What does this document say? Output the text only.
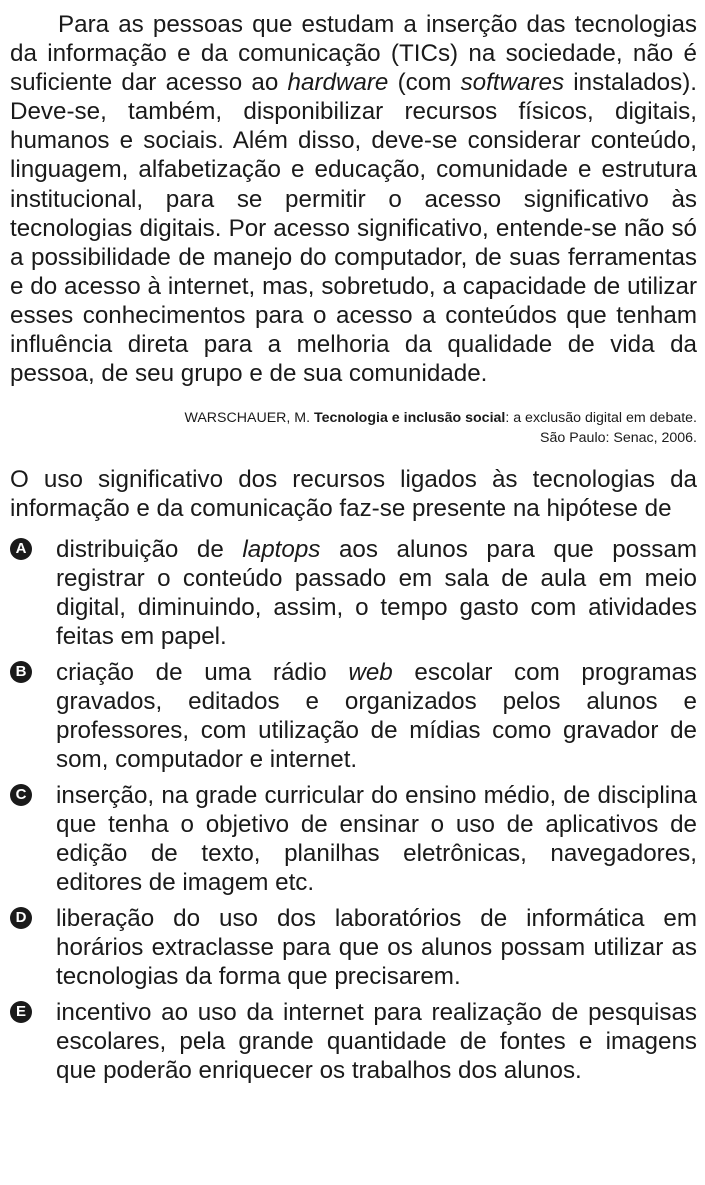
Para as pessoas que estudam a inserção das tecnologias da informação e da comunicação (TICs) na sociedade, não é suficiente dar acesso ao hardware (com softwares instalados). Deve-se, também, disponibilizar recursos físicos, digitais, humanos e sociais. Além disso, deve-se considerar conteúdo, linguagem, alfabetização e educação, comunidade e estrutura institucional, para se permitir o acesso significativo às tecnologias digitais. Por acesso significativo, entende-se não só a possibilidade de manejo do computador, de suas ferramentas e do acesso à internet, mas, sobretudo, a capacidade de utilizar esses conhecimentos para o acesso a conteúdos que tenham influência direta para a melhoria da qualidade de vida da pessoa, de seu grupo e de sua comunidade.

WARSCHAUER, M. Tecnologia e inclusão social: a exclusão digital em debate.
São Paulo: Senac, 2006.

O uso significativo dos recursos ligados às tecnologias da informação e da comunicação faz-se presente na hipótese de

A distribuição de laptops aos alunos para que possam registrar o conteúdo passado em sala de aula em meio digital, diminuindo, assim, o tempo gasto com atividades feitas em papel.
B criação de uma rádio web escolar com programas gravados, editados e organizados pelos alunos e professores, com utilização de mídias como gravador de som, computador e internet.
C inserção, na grade curricular do ensino médio, de disciplina que tenha o objetivo de ensinar o uso de aplicativos de edição de texto, planilhas eletrônicas, navegadores, editores de imagem etc.
D liberação do uso dos laboratórios de informática em horários extraclasse para que os alunos possam utilizar as tecnologias da forma que precisarem.
E incentivo ao uso da internet para realização de pesquisas escolares, pela grande quantidade de fontes e imagens que poderão enriquecer os trabalhos dos alunos.
